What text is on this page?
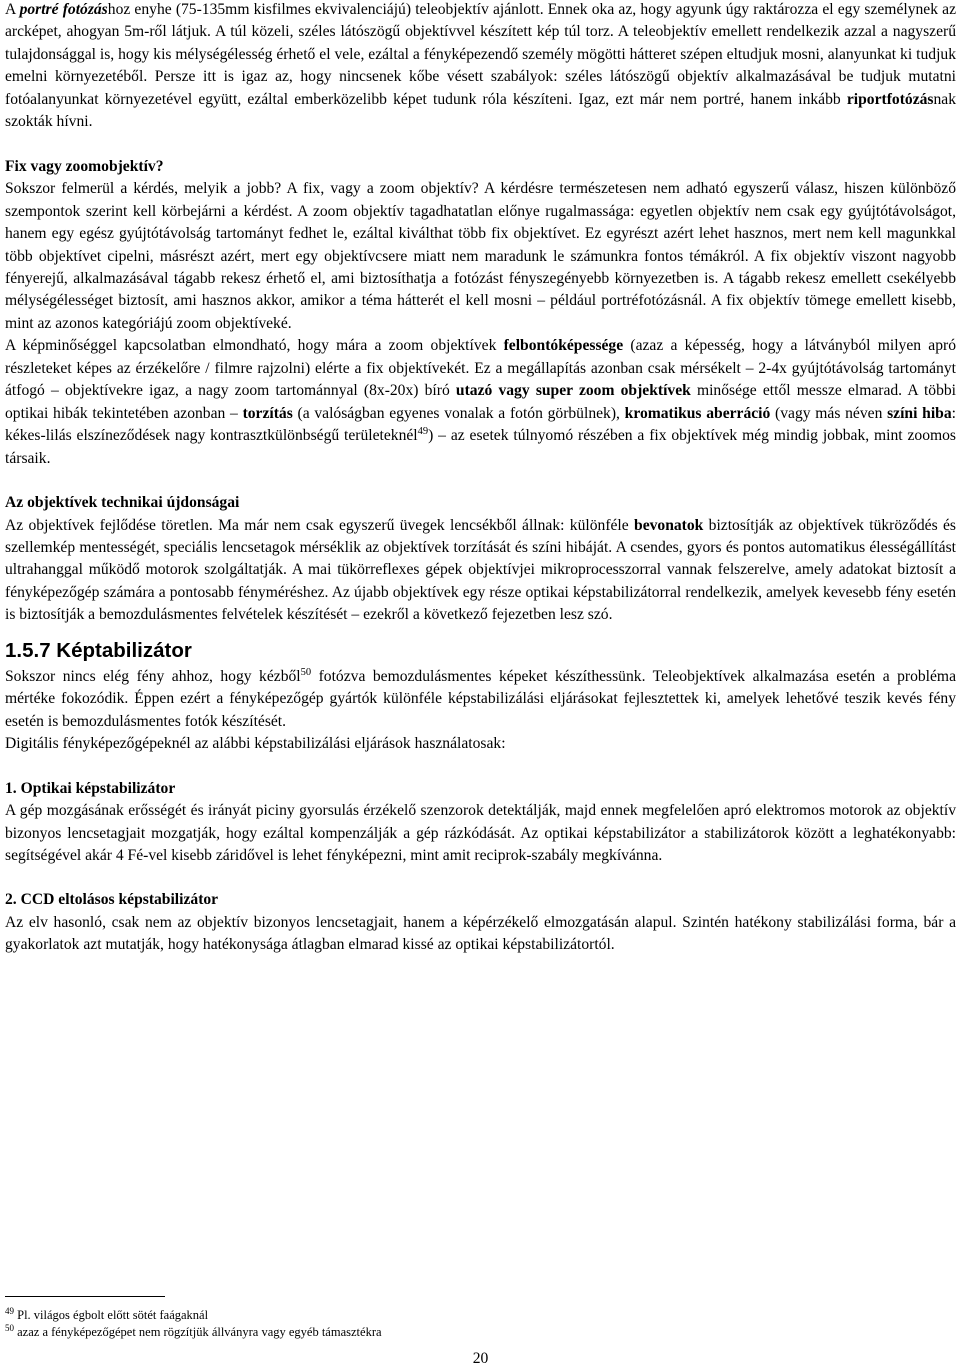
A portré fotózáshoz enyhe (75-135mm kisfilmes ekvivalenciájú) teleobjektív ajánlott. Ennek oka az, hogy agyunk úgy raktározza el egy személynek az arcképet, ahogyan 5m-ről látjuk. A túl közeli, széles látószögű objektívvel készített kép túl torz. A teleobjektív emellett rendelkezik azzal a nagyszerű tulajdonsággal is, hogy kis mélységélesség érhető el vele, ezáltal a fényképezendő személy mögötti hátteret szépen eltudjuk mosni, alanyunkat ki tudjuk emelni környezetéből. Persze itt is igaz az, hogy nincsenek kőbe vésett szabályok: széles látószögű objektív alkalmazásával be tudjuk mutatni fotóalanyunkat környezetével együtt, ezáltal emberközelibb képet tudunk róla készíteni. Igaz, ezt már nem portré, hanem inkább riportfotózásnak szokták hívni.

Fix vagy zoomobjektív?

Sokszor felmerül a kérdés, melyik a jobb? A fix, vagy a zoom objektív? A kérdésre természetesen nem adható egyszerű válasz, hiszen különböző szempontok szerint kell körbejárni a kérdést. A zoom objektív tagadhatatlan előnye rugalmassága: egyetlen objektív nem csak egy gyújtótávolságot, hanem egy egész gyújtótávolság tartományt fedhet le, ezáltal kiválthat több fix objektívet. Ez egyrészt azért lehet hasznos, mert nem kell magunkkal több objektívet cipelni, másrészt azért, mert egy objektívcsere miatt nem maradunk le számunkra fontos témákról. A fix objektív viszont nagyobb fényerejű, alkalmazásával tágabb rekesz érhető el, ami biztosíthatja a fotózást fényszegényebb környezetben is. A tágabb rekesz emellett csekélyebb mélységélességet biztosít, ami hasznos akkor, amikor a téma hátterét el kell mosni – például portréfotózásnál. A fix objektív tömege emellett kisebb, mint az azonos kategóriájú zoom objektíveké.

A képminőséggel kapcsolatban elmondható, hogy mára a zoom objektívek felbontóképessége (azaz a képesség, hogy a látványból milyen apró részleteket képes az érzékelőre / filmre rajzolni) elérte a fix objektívekét. Ez a megállapítás azonban csak mérsékelt – 2-4x gyújtótávolság tartományt átfogó – objektívekre igaz, a nagy zoom tartománnyal (8x-20x) bíró utazó vagy super zoom objektívek minősége ettől messze elmarad. A többi optikai hibák tekintetében azonban – torzítás (a valóságban egyenes vonalak a fotón görbülnek), kromatikus aberráció (vagy más néven színi hiba: kékes-lilás elszíneződések nagy kontrasztkülönbségű területeknél$^{49}$) – az esetek túlnyomó részében a fix objektívek még mindig jobbak, mint zoomos társaik.

Az objektívek technikai újdonságai

Az objektívek fejlődése töretlen. Ma már nem csak egyszerű üvegek lencsékből állnak: különféle bevonatok biztosítják az objektívek tükröződés és szellemkép mentességét, speciális lencsetagok mérséklik az objektívek torzítását és színi hibáját. A csendes, gyors és pontos automatikus élességállítást ultrahanggal működő motorok szolgáltatják. A mai tükörreflexes gépek objektívjei mikroprocesszorral vannak felszerelve, amely adatokat biztosít a fényképezőgép számára a pontosabb fényméréshez. Az újabb objektívek egy része optikai képstabilizátorral rendelkezik, amelyek kevesebb fény esetén is biztosítják a bemozdulásmentes felvételek készítését – ezekről a következő fejezetben lesz szó.

1.5.7 Képtabilizátor

Sokszor nincs elég fény ahhoz, hogy kézből$^{50}$ fotózva bemozdulásmentes képeket készíthessünk. Teleobjektívek alkalmazása esetén a probléma mértéke fokozódik. Éppen ezért a fényképezőgép gyártók különféle képstabilizálási eljárásokat fejlesztettek ki, amelyek lehetővé teszik kevés fény esetén is bemozdulásmentes fotók készítését.

Digitális fényképezőgépeknél az alábbi képstabilizálási eljárások használatosak:

1. Optikai képstabilizátor

A gép mozgásának erősségét és irányát piciny gyorsulás érzékelő szenzorok detektálják, majd ennek megfelelően apró elektromos motorok az objektív bizonyos lencsetagjait mozgatják, hogy ezáltal kompenzálják a gép rázkódását. Az optikai képstabilizátor a stabilizátorok között a leghatékonyabb: segítségével akár 4 Fé-vel kisebb záridővel is lehet fényképezni, mint amit reciprok-szabály megkívánna.

2. CCD eltolásos képstabilizátor

Az elv hasonló, csak nem az objektív bizonyos lencsetagjait, hanem a képérzékelő elmozgatásán alapul. Szintén hatékony stabilizálási forma, bár a gyakorlatok azt mutatják, hogy hatékonysága átlagban elmarad kissé az optikai képstabilizátortól.

$^{49}$ Pl. világos égbolt előtt sötét faágaknál
$^{50}$ azaz a fényképezőgépet nem rögzítjük állványra vagy egyéb támasztékra
20
